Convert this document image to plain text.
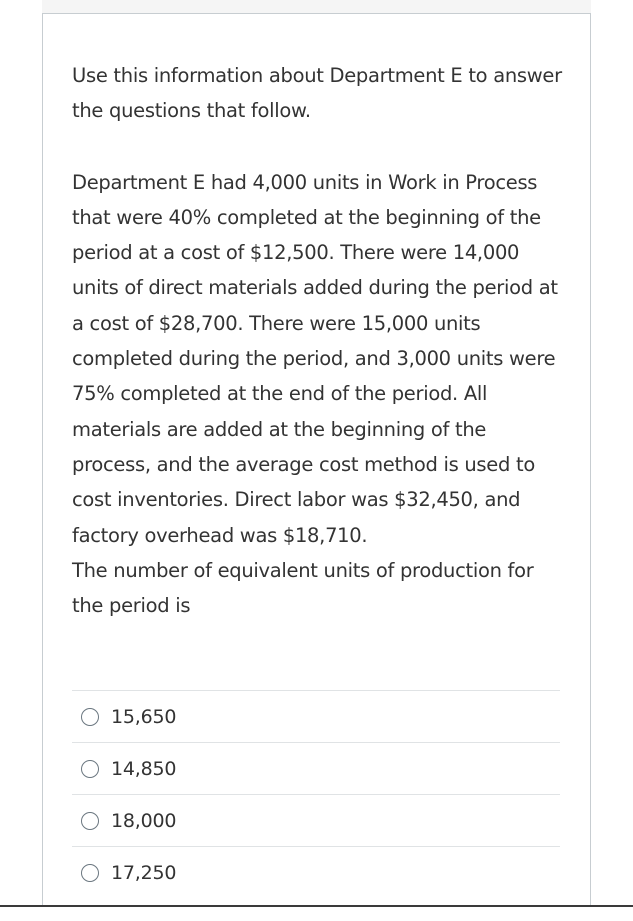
Use this information about Department E to answer the questions that follow.

Department E had 4,000 units in Work in Process that were 40% completed at the beginning of the period at a cost of $12,500. There were 14,000 units of direct materials added during the period at a cost of $28,700. There were 15,000 units completed during the period, and 3,000 units were 75% completed at the end of the period. All materials are added at the beginning of the process, and the average cost method is used to cost inventories. Direct labor was $32,450, and factory overhead was $18,710.

The number of equivalent units of production for the period is

15,650
14,850
18,000
17,250
